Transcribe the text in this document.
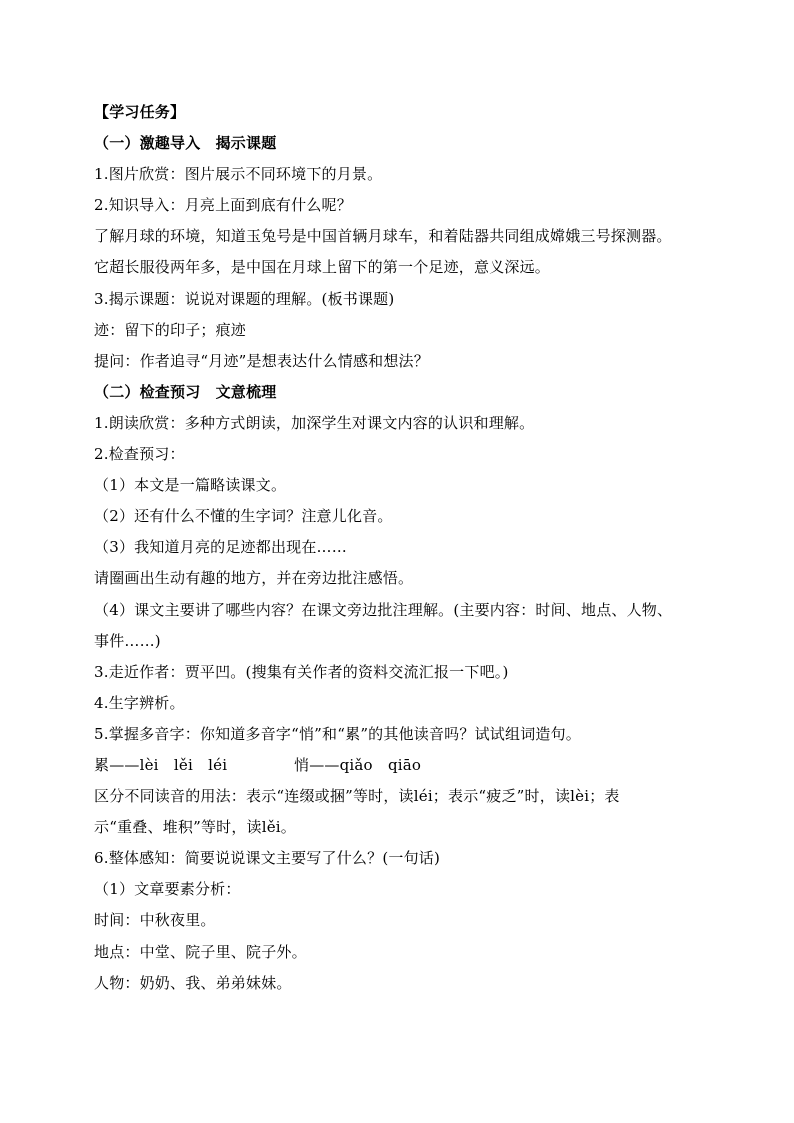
【学习任务】
（一）激趣导入　揭示课题
1.图片欣赏：图片展示不同环境下的月景。
2.知识导入：月亮上面到底有什么呢？
了解月球的环境，知道玉兔号是中国首辆月球车，和着陆器共同组成嫦娥三号探测器。
它超长服役两年多，是中国在月球上留下的第一个足迹，意义深远。
3.揭示课题：说说对课题的理解。(板书课题)
迹：留下的印子；痕迹
提问：作者追寻“月迹”是想表达什么情感和想法？
（二）检查预习　文意梳理
1.朗读欣赏：多种方式朗读，加深学生对课文内容的认识和理解。
2.检查预习：
（1）本文是一篇略读课文。
（2）还有什么不懂的生字词？注意儿化音。
（3）我知道月亮的足迹都出现在……
请圈画出生动有趣的地方，并在旁边批注感悟。
（4）课文主要讲了哪些内容？在课文旁边批注理解。(主要内容：时间、地点、人物、
事件……)
3.走近作者：贾平凹。(搜集有关作者的资料交流汇报一下吧。)
4.生字辨析。
5.掌握多音字：你知道多音字“悄”和“累”的其他读音吗？试试组词造句。
累——lèi　lěi　léi	悄——qiǎo　qiāo
区分不同读音的用法：表示“连缀或捆”等时，读léi；表示“疲乏”时，读lèi；表
示“重叠、堆积”等时，读lěi。
6.整体感知：简要说说课文主要写了什么？(一句话)
（1）文章要素分析：
时间：中秋夜里。
地点：中堂、院子里、院子外。
人物：奶奶、我、弟弟妹妹。
